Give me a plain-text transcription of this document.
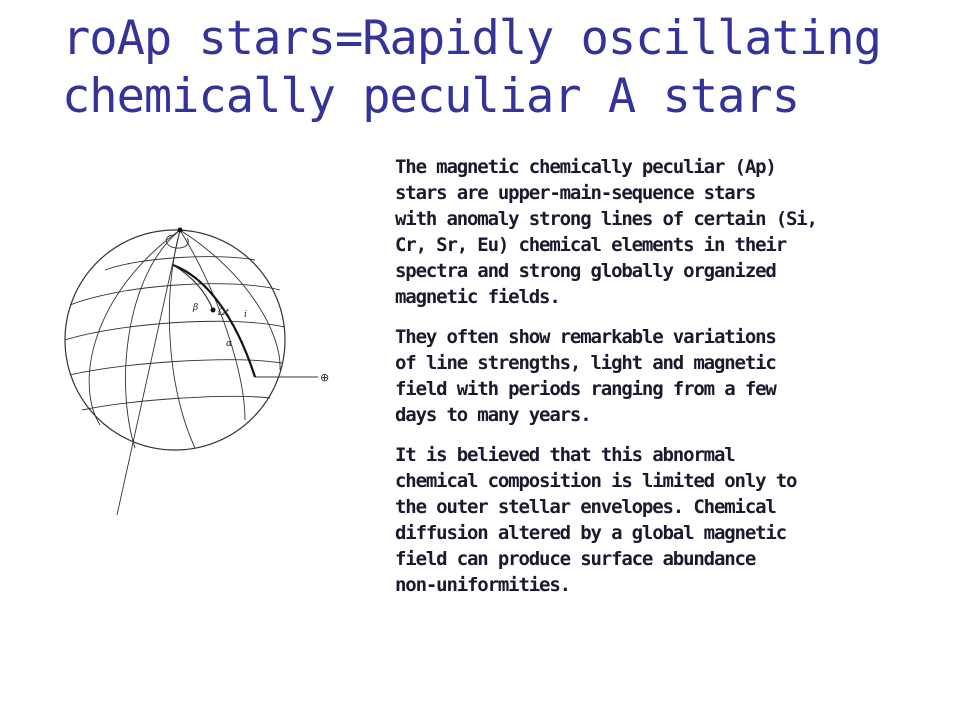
roAp stars=Rapidly oscillating
chemically peculiar A stars
β Ωt i
α
⊕

The magnetic chemically peculiar (Ap)
stars are upper-main-sequence stars
with anomaly strong lines of certain (Si,
Cr, Sr, Eu) chemical elements in their
spectra and strong globally organized
magnetic fields.

They often show remarkable variations
of line strengths, light and magnetic
field with periods ranging from a few
days to many years.

It is believed that this abnormal
chemical composition is limited only to
the outer stellar envelopes. Chemical
diffusion altered by a global magnetic
field can produce surface abundance
non-uniformities.
